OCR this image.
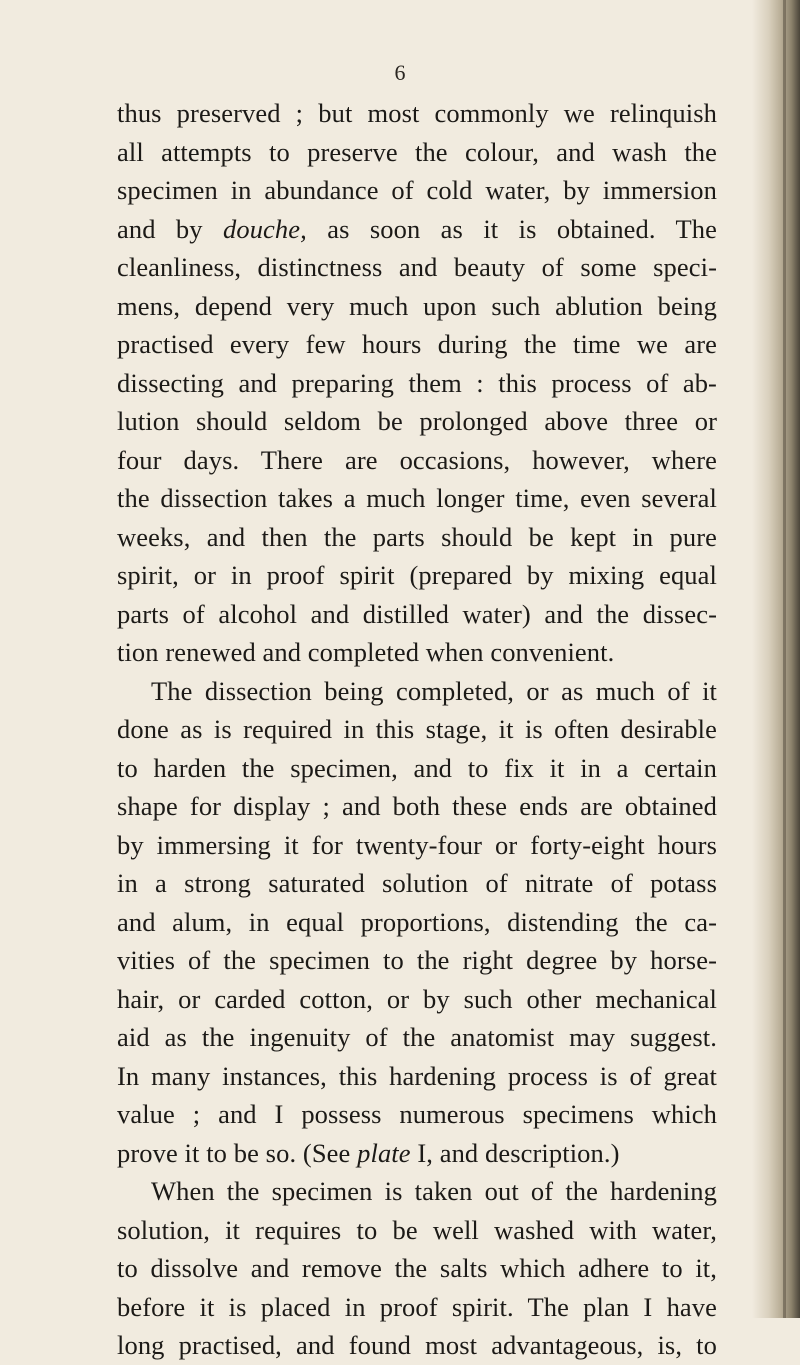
6
thus preserved ; but most commonly we relinquish
all attempts to preserve the colour, and wash the
specimen in abundance of cold water, by immersion
and by douche, as soon as it is obtained. The
cleanliness, distinctness and beauty of some speci-
mens, depend very much upon such ablution being
practised every few hours during the time we are
dissecting and preparing them : this process of ab-
lution should seldom be prolonged above three or
four days. There are occasions, however, where
the dissection takes a much longer time, even several
weeks, and then the parts should be kept in pure
spirit, or in proof spirit (prepared by mixing equal
parts of alcohol and distilled water) and the dissec-
tion renewed and completed when convenient.
The dissection being completed, or as much of it
done as is required in this stage, it is often desirable
to harden the specimen, and to fix it in a certain
shape for display ; and both these ends are obtained
by immersing it for twenty-four or forty-eight hours
in a strong saturated solution of nitrate of potass
and alum, in equal proportions, distending the ca-
vities of the specimen to the right degree by horse-
hair, or carded cotton, or by such other mechanical
aid as the ingenuity of the anatomist may suggest.
In many instances, this hardening process is of great
value ; and I possess numerous specimens which
prove it to be so. (See plate I, and description.)
When the specimen is taken out of the hardening
solution, it requires to be well washed with water,
to dissolve and remove the salts which adhere to it,
before it is placed in proof spirit. The plan I have
long practised, and found most advantageous, is, to
